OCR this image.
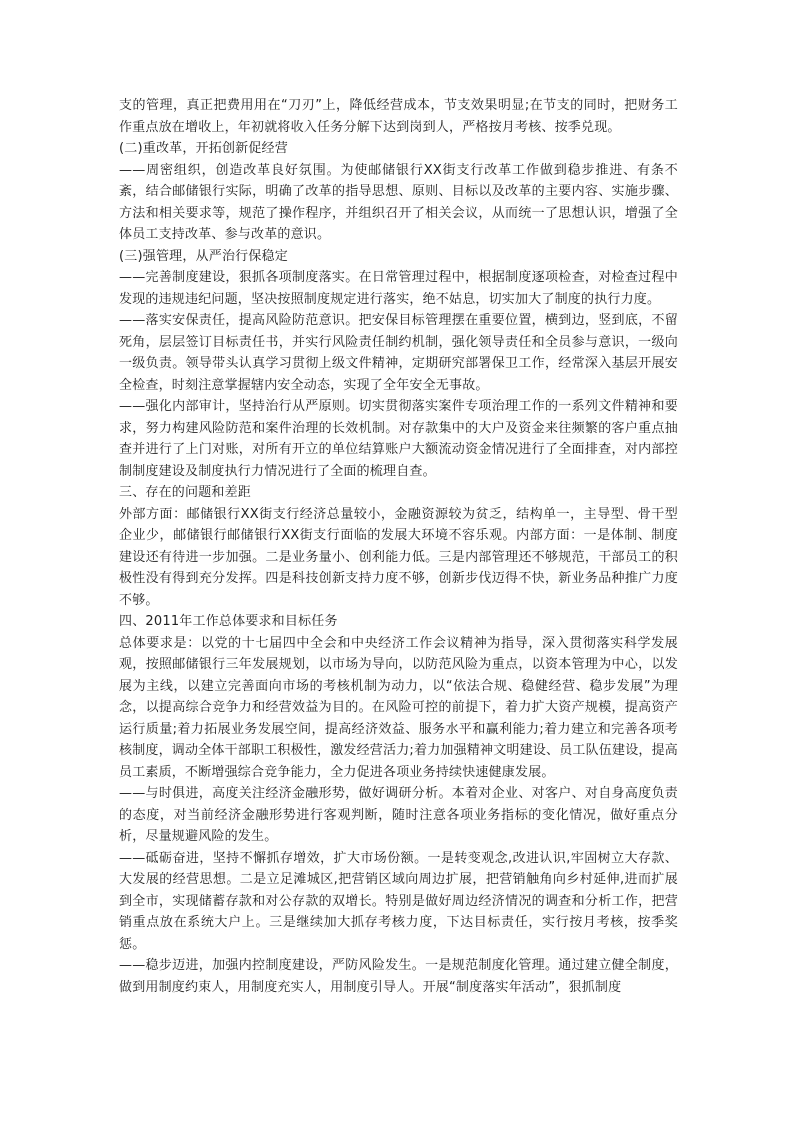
支的管理，真正把费用用在“刀刃”上，降低经营成本，节支效果明显;在节支的同时，把财务工作重点放在增收上，年初就将收入任务分解下达到岗到人，严格按月考核、按季兑现。

(二)重改革，开拓创新促经营

——周密组织，创造改革良好氛围。为使邮储银行XX街支行改革工作做到稳步推进、有条不紊，结合邮储银行实际，明确了改革的指导思想、原则、目标以及改革的主要内容、实施步骤、方法和相关要求等，规范了操作程序，并组织召开了相关会议，从而统一了思想认识，增强了全体员工支持改革、参与改革的意识。

(三)强管理，从严治行保稳定

——完善制度建设，狠抓各项制度落实。在日常管理过程中，根据制度逐项检查，对检查过程中发现的违规违纪问题，坚决按照制度规定进行落实，绝不姑息，切实加大了制度的执行力度。

——落实安保责任，提高风险防范意识。把安保目标管理摆在重要位置，横到边，竖到底，不留死角，层层签订目标责任书，并实行风险责任制约机制，强化领导责任和全员参与意识，一级向一级负责。领导带头认真学习贯彻上级文件精神，定期研究部署保卫工作，经常深入基层开展安全检查，时刻注意掌握辖内安全动态，实现了全年安全无事故。

——强化内部审计，坚持治行从严原则。切实贯彻落实案件专项治理工作的一系列文件精神和要求，努力构建风险防范和案件治理的长效机制。对存款集中的大户及资金来往频繁的客户重点抽查并进行了上门对账，对所有开立的单位结算账户大额流动资金情况进行了全面排查，对内部控制制度建设及制度执行力情况进行了全面的梳理自查。

三、存在的问题和差距

外部方面：邮储银行XX街支行经济总量较小，金融资源较为贫乏，结构单一，主导型、骨干型企业少，邮储银行邮储银行XX街支行面临的发展大环境不容乐观。内部方面：一是体制、制度建设还有待进一步加强。二是业务量小、创利能力低。三是内部管理还不够规范，干部员工的积极性没有得到充分发挥。四是科技创新支持力度不够，创新步伐迈得不快，新业务品种推广力度不够。

四、2011年工作总体要求和目标任务

总体要求是：以党的十七届四中全会和中央经济工作会议精神为指导，深入贯彻落实科学发展观，按照邮储银行三年发展规划，以市场为导向，以防范风险为重点，以资本管理为中心，以发展为主线，以建立完善面向市场的考核机制为动力，以“依法合规、稳健经营、稳步发展”为理念，以提高综合竞争力和经营效益为目的。在风险可控的前提下，着力扩大资产规模，提高资产运行质量;着力拓展业务发展空间，提高经济效益、服务水平和赢利能力;着力建立和完善各项考核制度，调动全体干部职工积极性，激发经营活力;着力加强精神文明建设、员工队伍建设，提高员工素质，不断增强综合竞争能力，全力促进各项业务持续快速健康发展。

——与时俱进，高度关注经济金融形势，做好调研分析。本着对企业、对客户、对自身高度负责的态度，对当前经济金融形势进行客观判断，随时注意各项业务指标的变化情况，做好重点分析，尽量规避风险的发生。

——砥砺奋进，坚持不懈抓存增效，扩大市场份额。一是转变观念,改进认识,牢固树立大存款、大发展的经营思想。二是立足滩城区,把营销区域向周边扩展，把营销触角向乡村延伸,进而扩展到全市，实现储蓄存款和对公存款的双增长。特别是做好周边经济情况的调查和分析工作，把营销重点放在系统大户上。三是继续加大抓存考核力度，下达目标责任，实行按月考核，按季奖惩。

——稳步迈进，加强内控制度建设，严防风险发生。一是规范制度化管理。通过建立健全制度，做到用制度约束人，用制度充实人，用制度引导人。开展“制度落实年活动”，狠抓制度
